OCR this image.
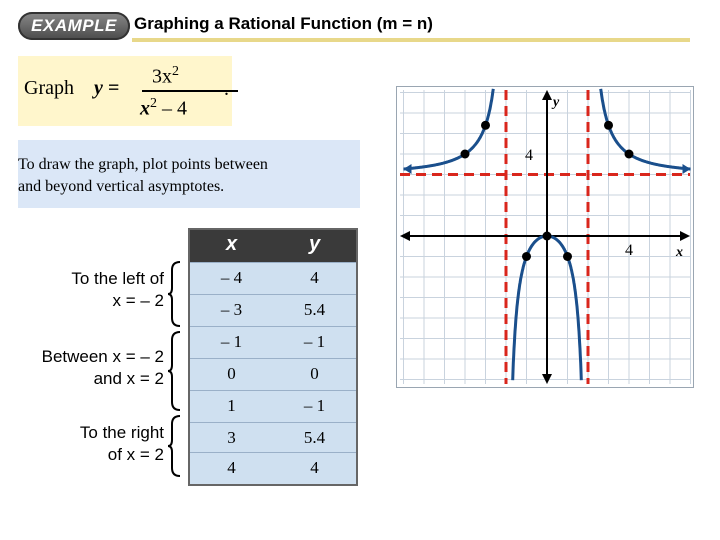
EXAMPLE	Graphing a Rational Function (m = n)
Graph y =
$3x^2$
$x^2 - 4$
.
To draw the graph, plot points between
and beyond vertical asymptotes.
To the left of
x = – 2
Between x = – 2
and x = 2
To the right
of x = 2
x	y
– 4	4
– 3	5.4
– 1	– 1
0	0
1	– 1
3	5.4
4	4
y
x
4
4
